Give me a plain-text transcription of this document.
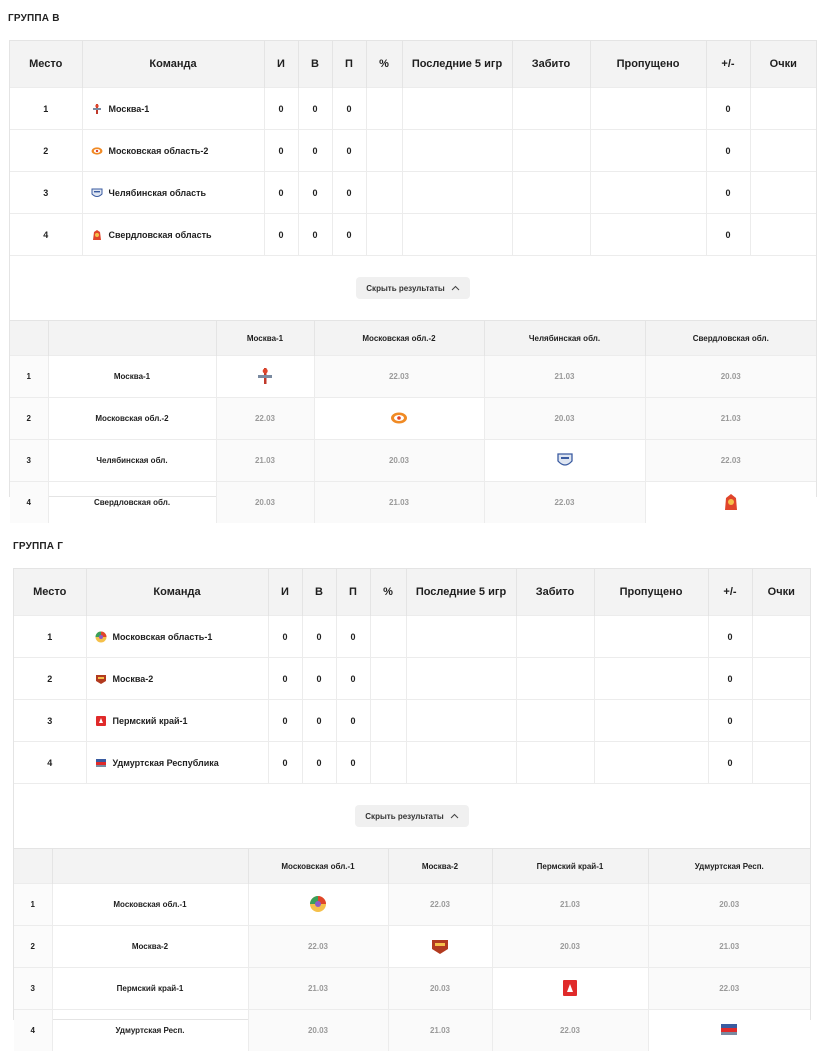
ГРУППА В
Место	Команда	И	В	П	%	Последние 5 игр	Забито	Пропущено	+/-	Очки
1	Москва-1	0	0	0					0	
2	Московская область-2	0	0	0					0	
3	Челябинская область	0	0	0					0	
4	Свердловская область	0	0	0					0	
Скрыть результаты
		Москва-1	Московская обл.-2	Челябинская обл.	Свердловская обл.
1	Москва-1		22.03	21.03	20.03
2	Московская обл.-2	22.03		20.03	21.03
3	Челябинская обл.	21.03	20.03		22.03
4	Свердловская обл.	20.03	21.03	22.03	
ГРУППА Г
Место	Команда	И	В	П	%	Последние 5 игр	Забито	Пропущено	+/-	Очки
1	Московская область-1	0	0	0					0	
2	Москва-2	0	0	0					0	
3	Пермский край-1	0	0	0					0	
4	Удмуртская Республика	0	0	0					0	
Скрыть результаты
		Московская обл.-1	Москва-2	Пермский край-1	Удмуртская Респ.
1	Московская обл.-1		22.03	21.03	20.03
2	Москва-2	22.03		20.03	21.03
3	Пермский край-1	21.03	20.03		22.03
4	Удмуртская Респ.	20.03	21.03	22.03	
